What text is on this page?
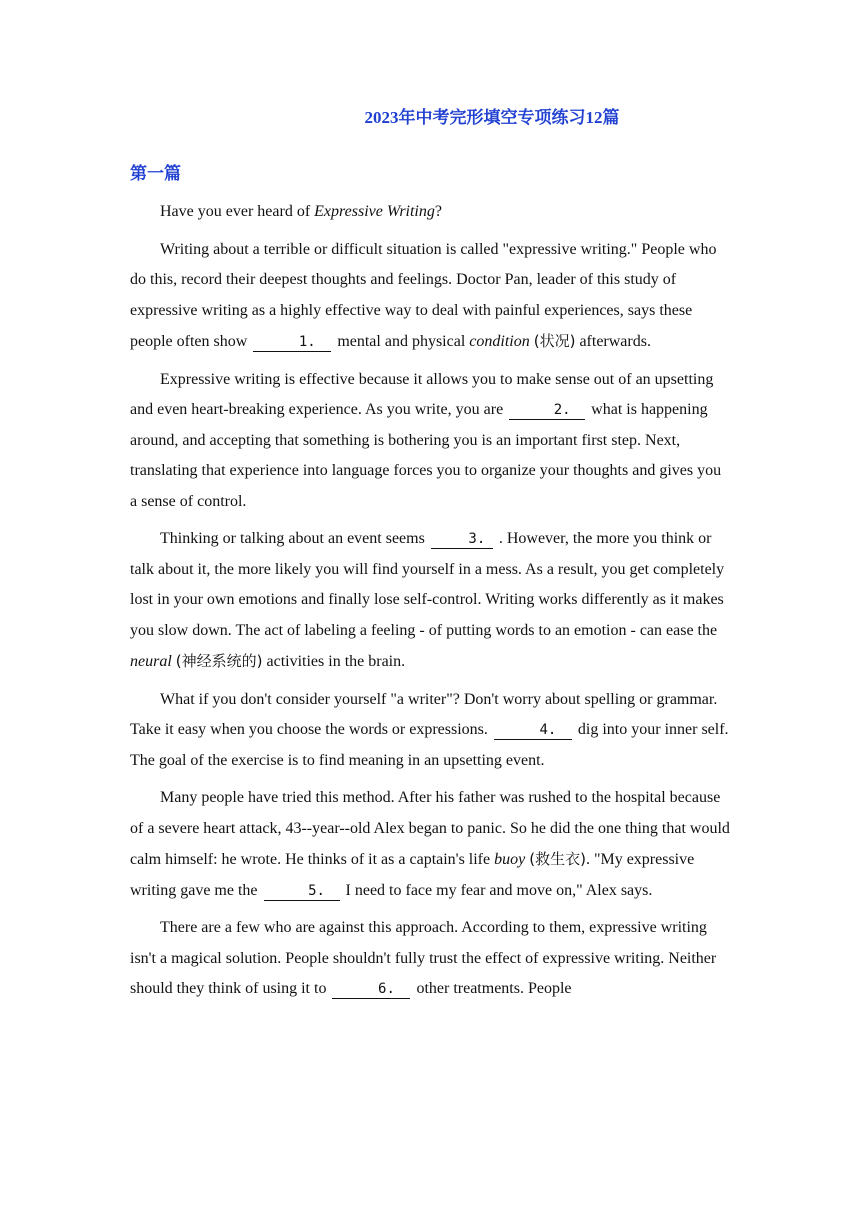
2023年中考完形填空专项练习12篇
第一篇

Have you ever heard of Expressive Writing?

Writing about a terrible or difficult situation is called "expressive writing." People who do this, record their deepest thoughts and feelings. Doctor Pan, leader of this study of expressive writing as a highly effective way to deal with painful experiences, says these people often show	1. mental and physical condition (状况) afterwards.

Expressive writing is effective because it allows you to make sense out of an upsetting and even heart-breaking experience. As you write, you are	2. what is happening around, and accepting that something is bothering you is an important first step. Next, translating that experience into language forces you to organize your thoughts and gives you a sense of control.

Thinking or talking about an event seems	3. . However, the more you think or talk about it, the more likely you will find yourself in a mess. As a result, you get completely lost in your own emotions and finally lose self-control. Writing works differently as it makes you slow down. The act of labeling a feeling - of putting words to an emotion - can ease the neural (神经系统的) activities in the brain.

What if you don't consider yourself "a writer"? Don't worry about spelling or grammar. Take it easy when you choose the words or expressions.	4. dig into your inner self. The goal of the exercise is to find meaning in an upsetting event.

Many people have tried this method. After his father was rushed to the hospital because of a severe heart attack, 43--year--old Alex began to panic. So he did the one thing that would calm himself: he wrote. He thinks of it as a captain's life buoy (救生衣). "My expressive writing gave me the	5. I need to face my fear and move on," Alex says.

There are a few who are against this approach. According to them, expressive writing isn't a magical solution. People shouldn't fully trust the effect of expressive writing. Neither should they think of using it to	6. other treatments. People
